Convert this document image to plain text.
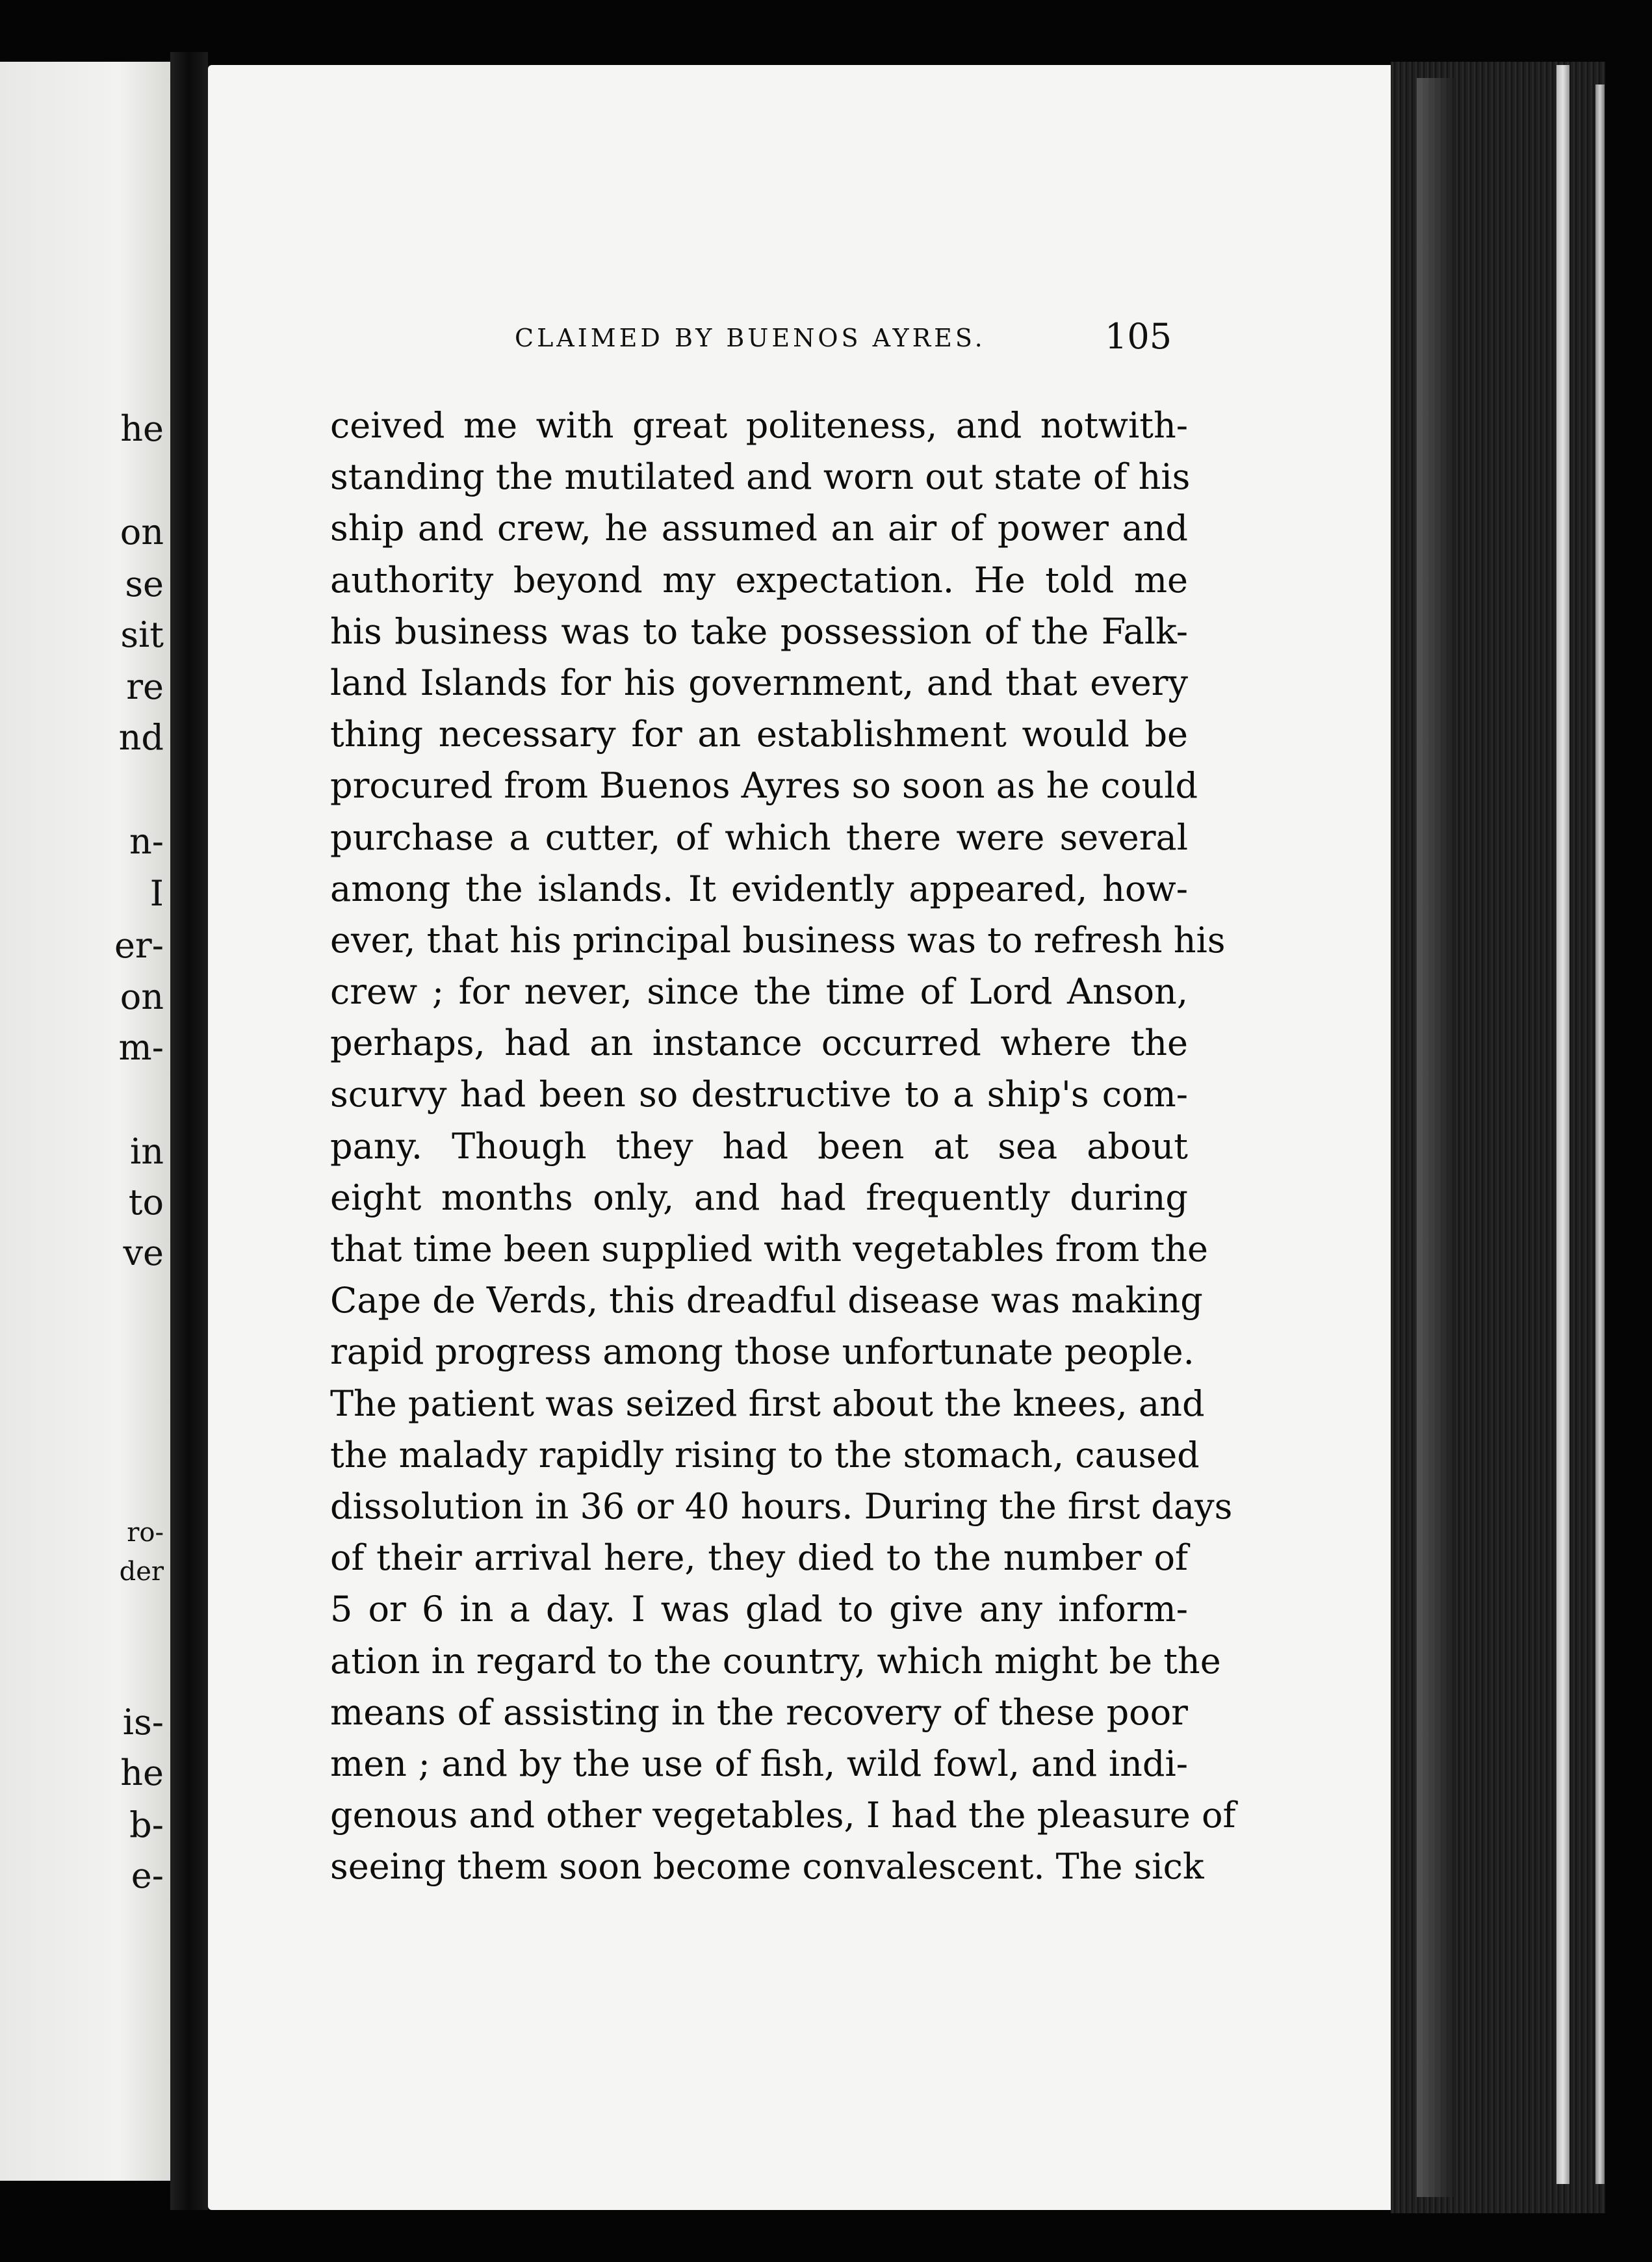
he
on
se
sit
re
nd
n-
I
er-
on
m-
in
to
ve
ro-
der
is-
he
b-
e-
CLAIMED BY BUENOS AYRES.	105
ceived me with great politeness, and notwith-
standing the mutilated and worn out state of his
ship and crew, he assumed an air of power and
authority beyond my expectation. He told me
his business was to take possession of the Falk-
land Islands for his government, and that every
thing necessary for an establishment would be
procured from Buenos Ayres so soon as he could
purchase a cutter, of which there were several
among the islands. It evidently appeared, how-
ever, that his principal business was to refresh his
crew ; for never, since the time of Lord Anson,
perhaps, had an instance occurred where the
scurvy had been so destructive to a ship's com-
pany. Though they had been at sea about
eight months only, and had frequently during
that time been supplied with vegetables from the
Cape de Verds, this dreadful disease was making
rapid progress among those unfortunate people.
The patient was seized first about the knees, and
the malady rapidly rising to the stomach, caused
dissolution in 36 or 40 hours. During the first days
of their arrival here, they died to the number of
5 or 6 in a day. I was glad to give any inform-
ation in regard to the country, which might be the
means of assisting in the recovery of these poor
men ; and by the use of fish, wild fowl, and indi-
genous and other vegetables, I had the pleasure of
seeing them soon become convalescent. The sick
